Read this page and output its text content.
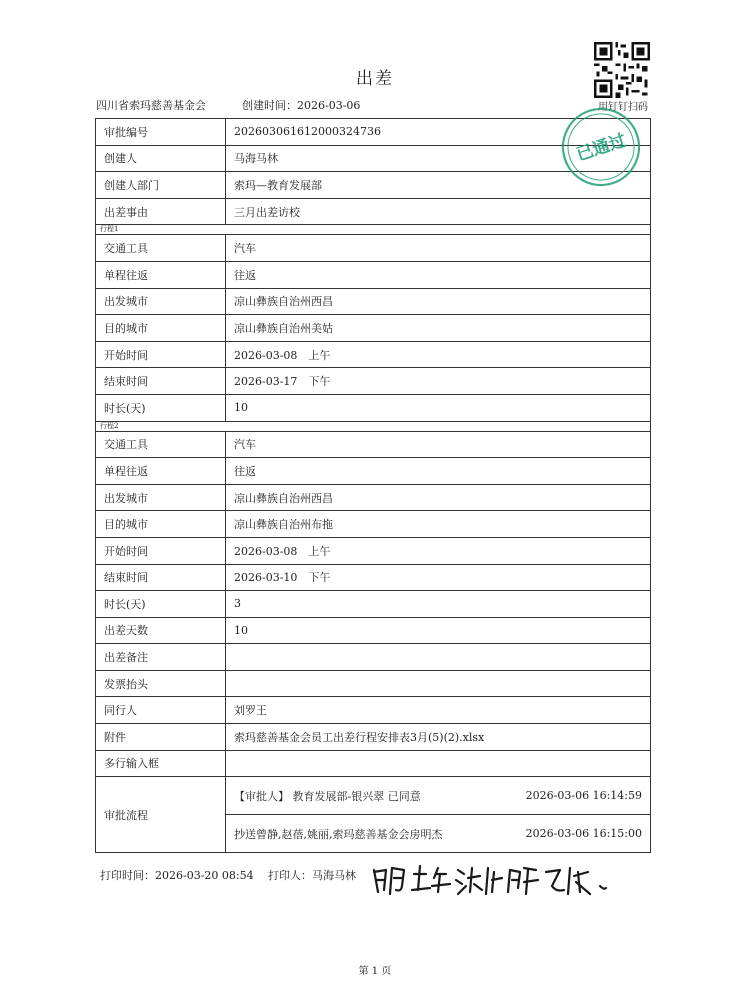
出差
四川省索玛慈善基金会	创建时间：2026-03-06	用钉钉扫码
审批编号	202603061612000324736
创建人	马海马林
创建人部门	索玛—教育发展部
出差事由	三月出差访校
行程1	
交通工具	汽车
单程往返	往返
出发城市	凉山彝族自治州西昌
目的城市	凉山彝族自治州美姑
开始时间	2026-03-08　上午
结束时间	2026-03-17　下午
时长(天)	10
行程2	
交通工具	汽车
单程往返	往返
出发城市	凉山彝族自治州西昌
目的城市	凉山彝族自治州布拖
开始时间	2026-03-08　上午
结束时间	2026-03-10　下午
时长(天)	3
出差天数	10
出差备注	
发票抬头	
同行人	刘罗王
附件	索玛慈善基金会员工出差行程安排表3月(5)(2).xlsx
多行输入框	
审批流程	【审批人】 教育发展部-银兴翠 已同意 2026-03-06 16:14:59
抄送曾静,赵蓓,姚丽,索玛慈善基金会房明杰 2026-03-06 16:15:00
已通过
打印时间：2026-03-20 08:54 打印人：马海马林
第 1 页
